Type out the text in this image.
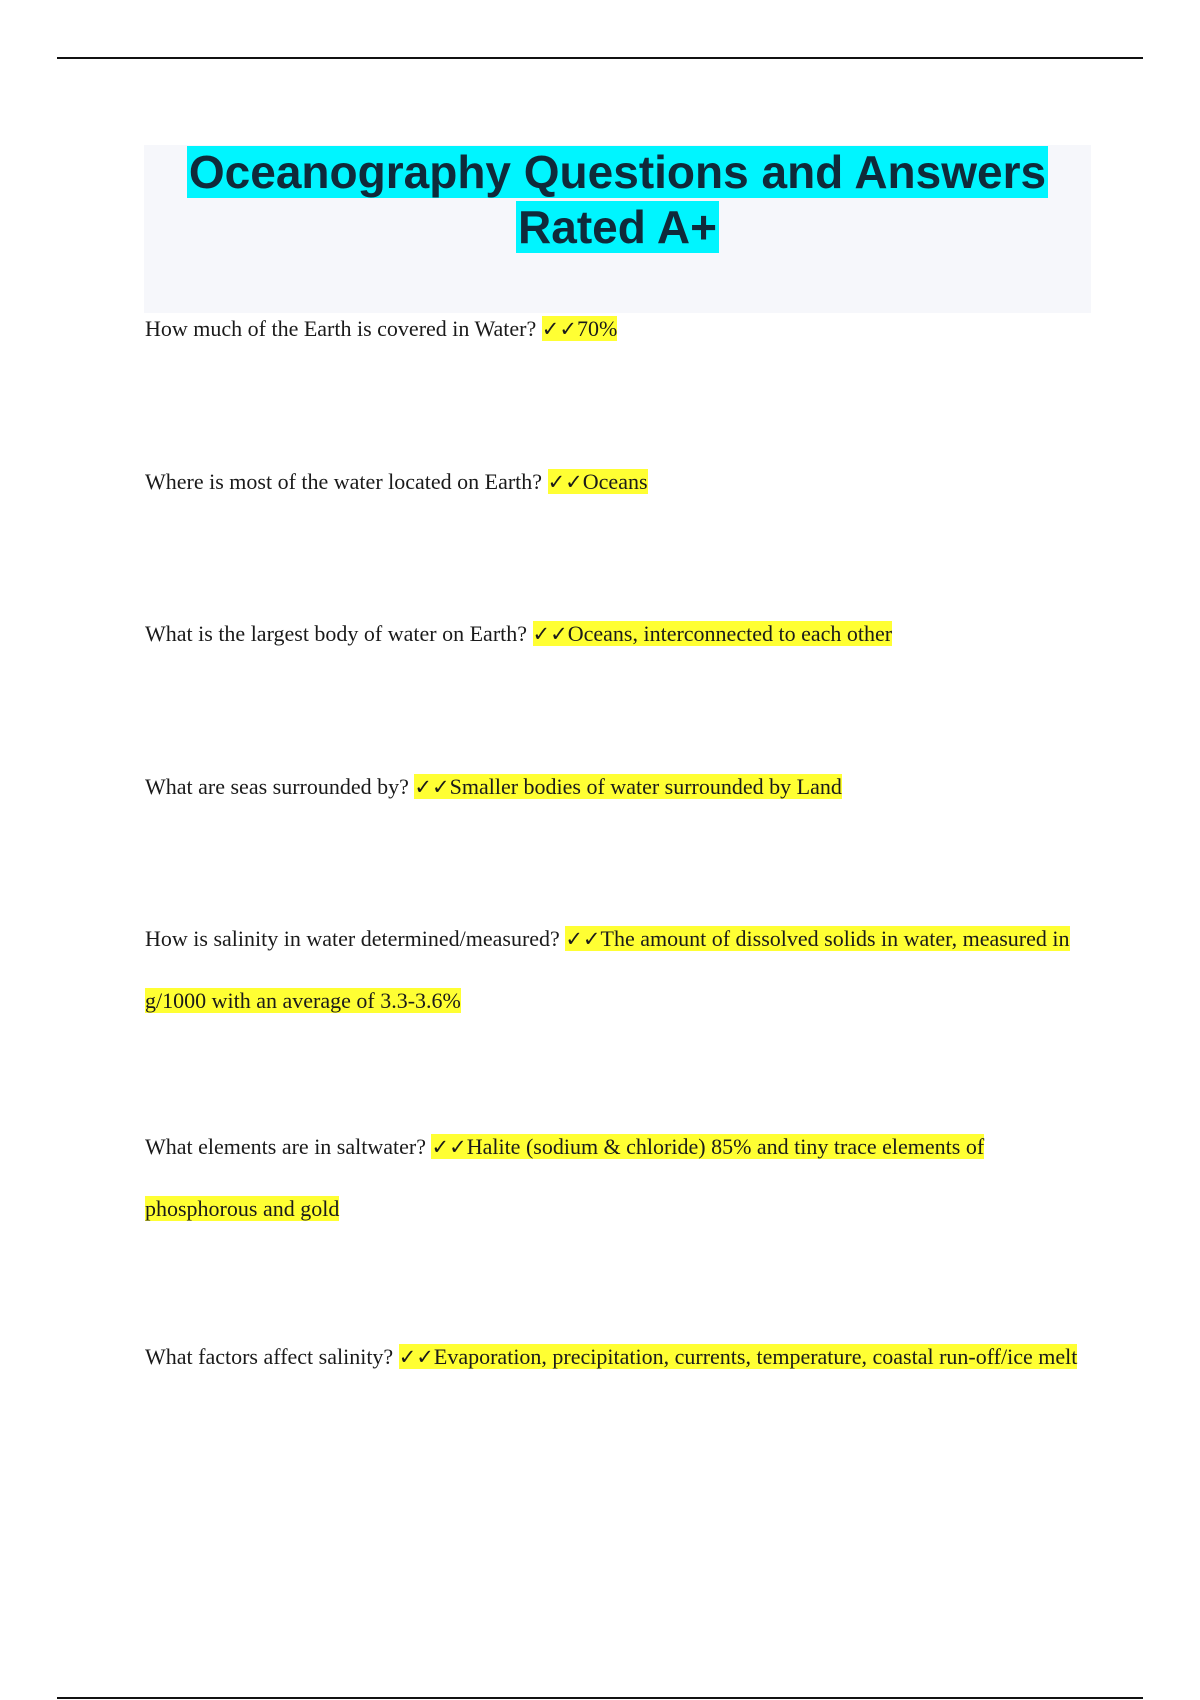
Oceanography Questions and Answers Rated A+

How much of the Earth is covered in Water? ✓✓70%

Where is most of the water located on Earth? ✓✓Oceans

What is the largest body of water on Earth? ✓✓Oceans, interconnected to each other

What are seas surrounded by? ✓✓Smaller bodies of water surrounded by Land

How is salinity in water determined/measured? ✓✓The amount of dissolved solids in water, measured in g/1000 with an average of 3.3-3.6%

What elements are in saltwater? ✓✓Halite (sodium & chloride) 85% and tiny trace elements of phosphorous and gold

What factors affect salinity? ✓✓Evaporation, precipitation, currents, temperature, coastal run-off/ice melt
